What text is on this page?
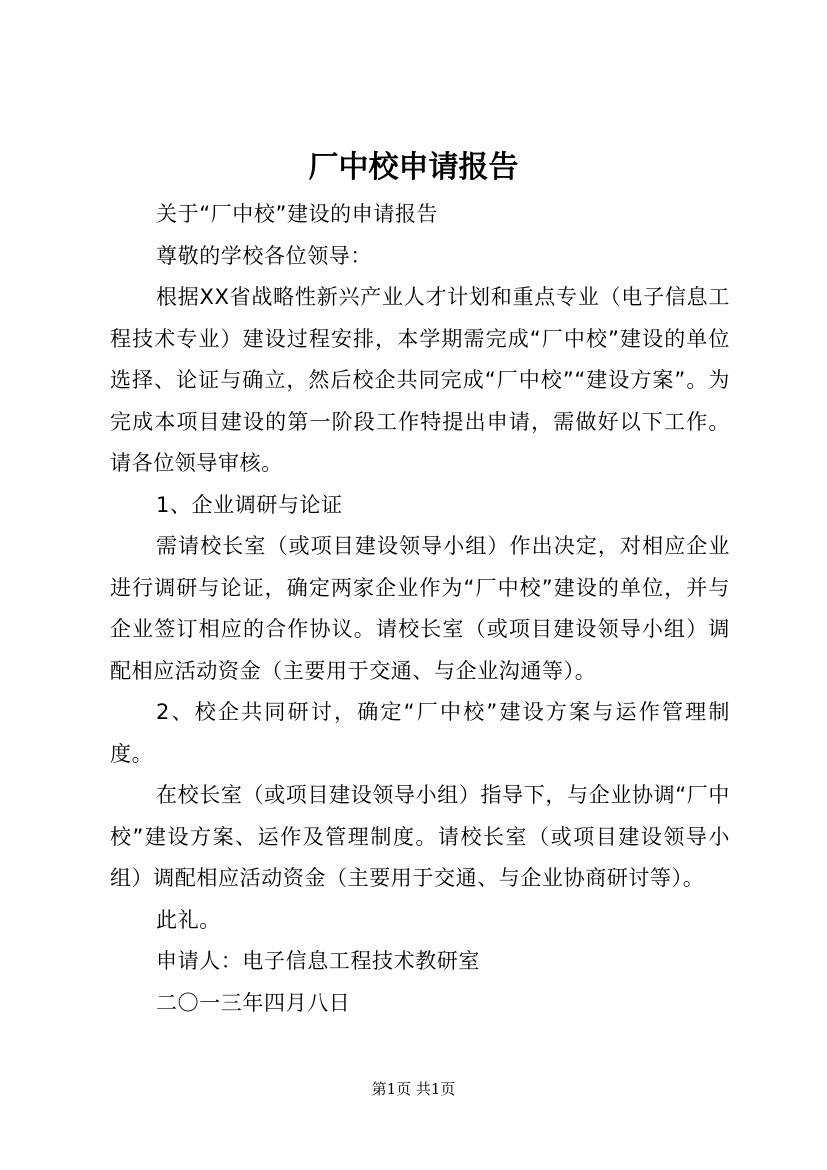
厂中校申请报告

关于“厂中校”建设的申请报告

尊敬的学校各位领导：

根据XX省战略性新兴产业人才计划和重点专业（电子信息工程技术专业）建设过程安排，本学期需完成“厂中校”建设的单位选择、论证与确立，然后校企共同完成“厂中校”“建设方案”。为完成本项目建设的第一阶段工作特提出申请，需做好以下工作。请各位领导审核。

1、企业调研与论证

需请校长室（或项目建设领导小组）作出决定，对相应企业进行调研与论证，确定两家企业作为“厂中校”建设的单位，并与企业签订相应的合作协议。请校长室（或项目建设领导小组）调配相应活动资金（主要用于交通、与企业沟通等）。

2、校企共同研讨，确定“厂中校”建设方案与运作管理制度。

在校长室（或项目建设领导小组）指导下，与企业协调“厂中校”建设方案、运作及管理制度。请校长室（或项目建设领导小组）调配相应活动资金（主要用于交通、与企业协商研讨等）。

此礼。

申请人：电子信息工程技术教研室

二〇一三年四月八日

第1页 共1页
